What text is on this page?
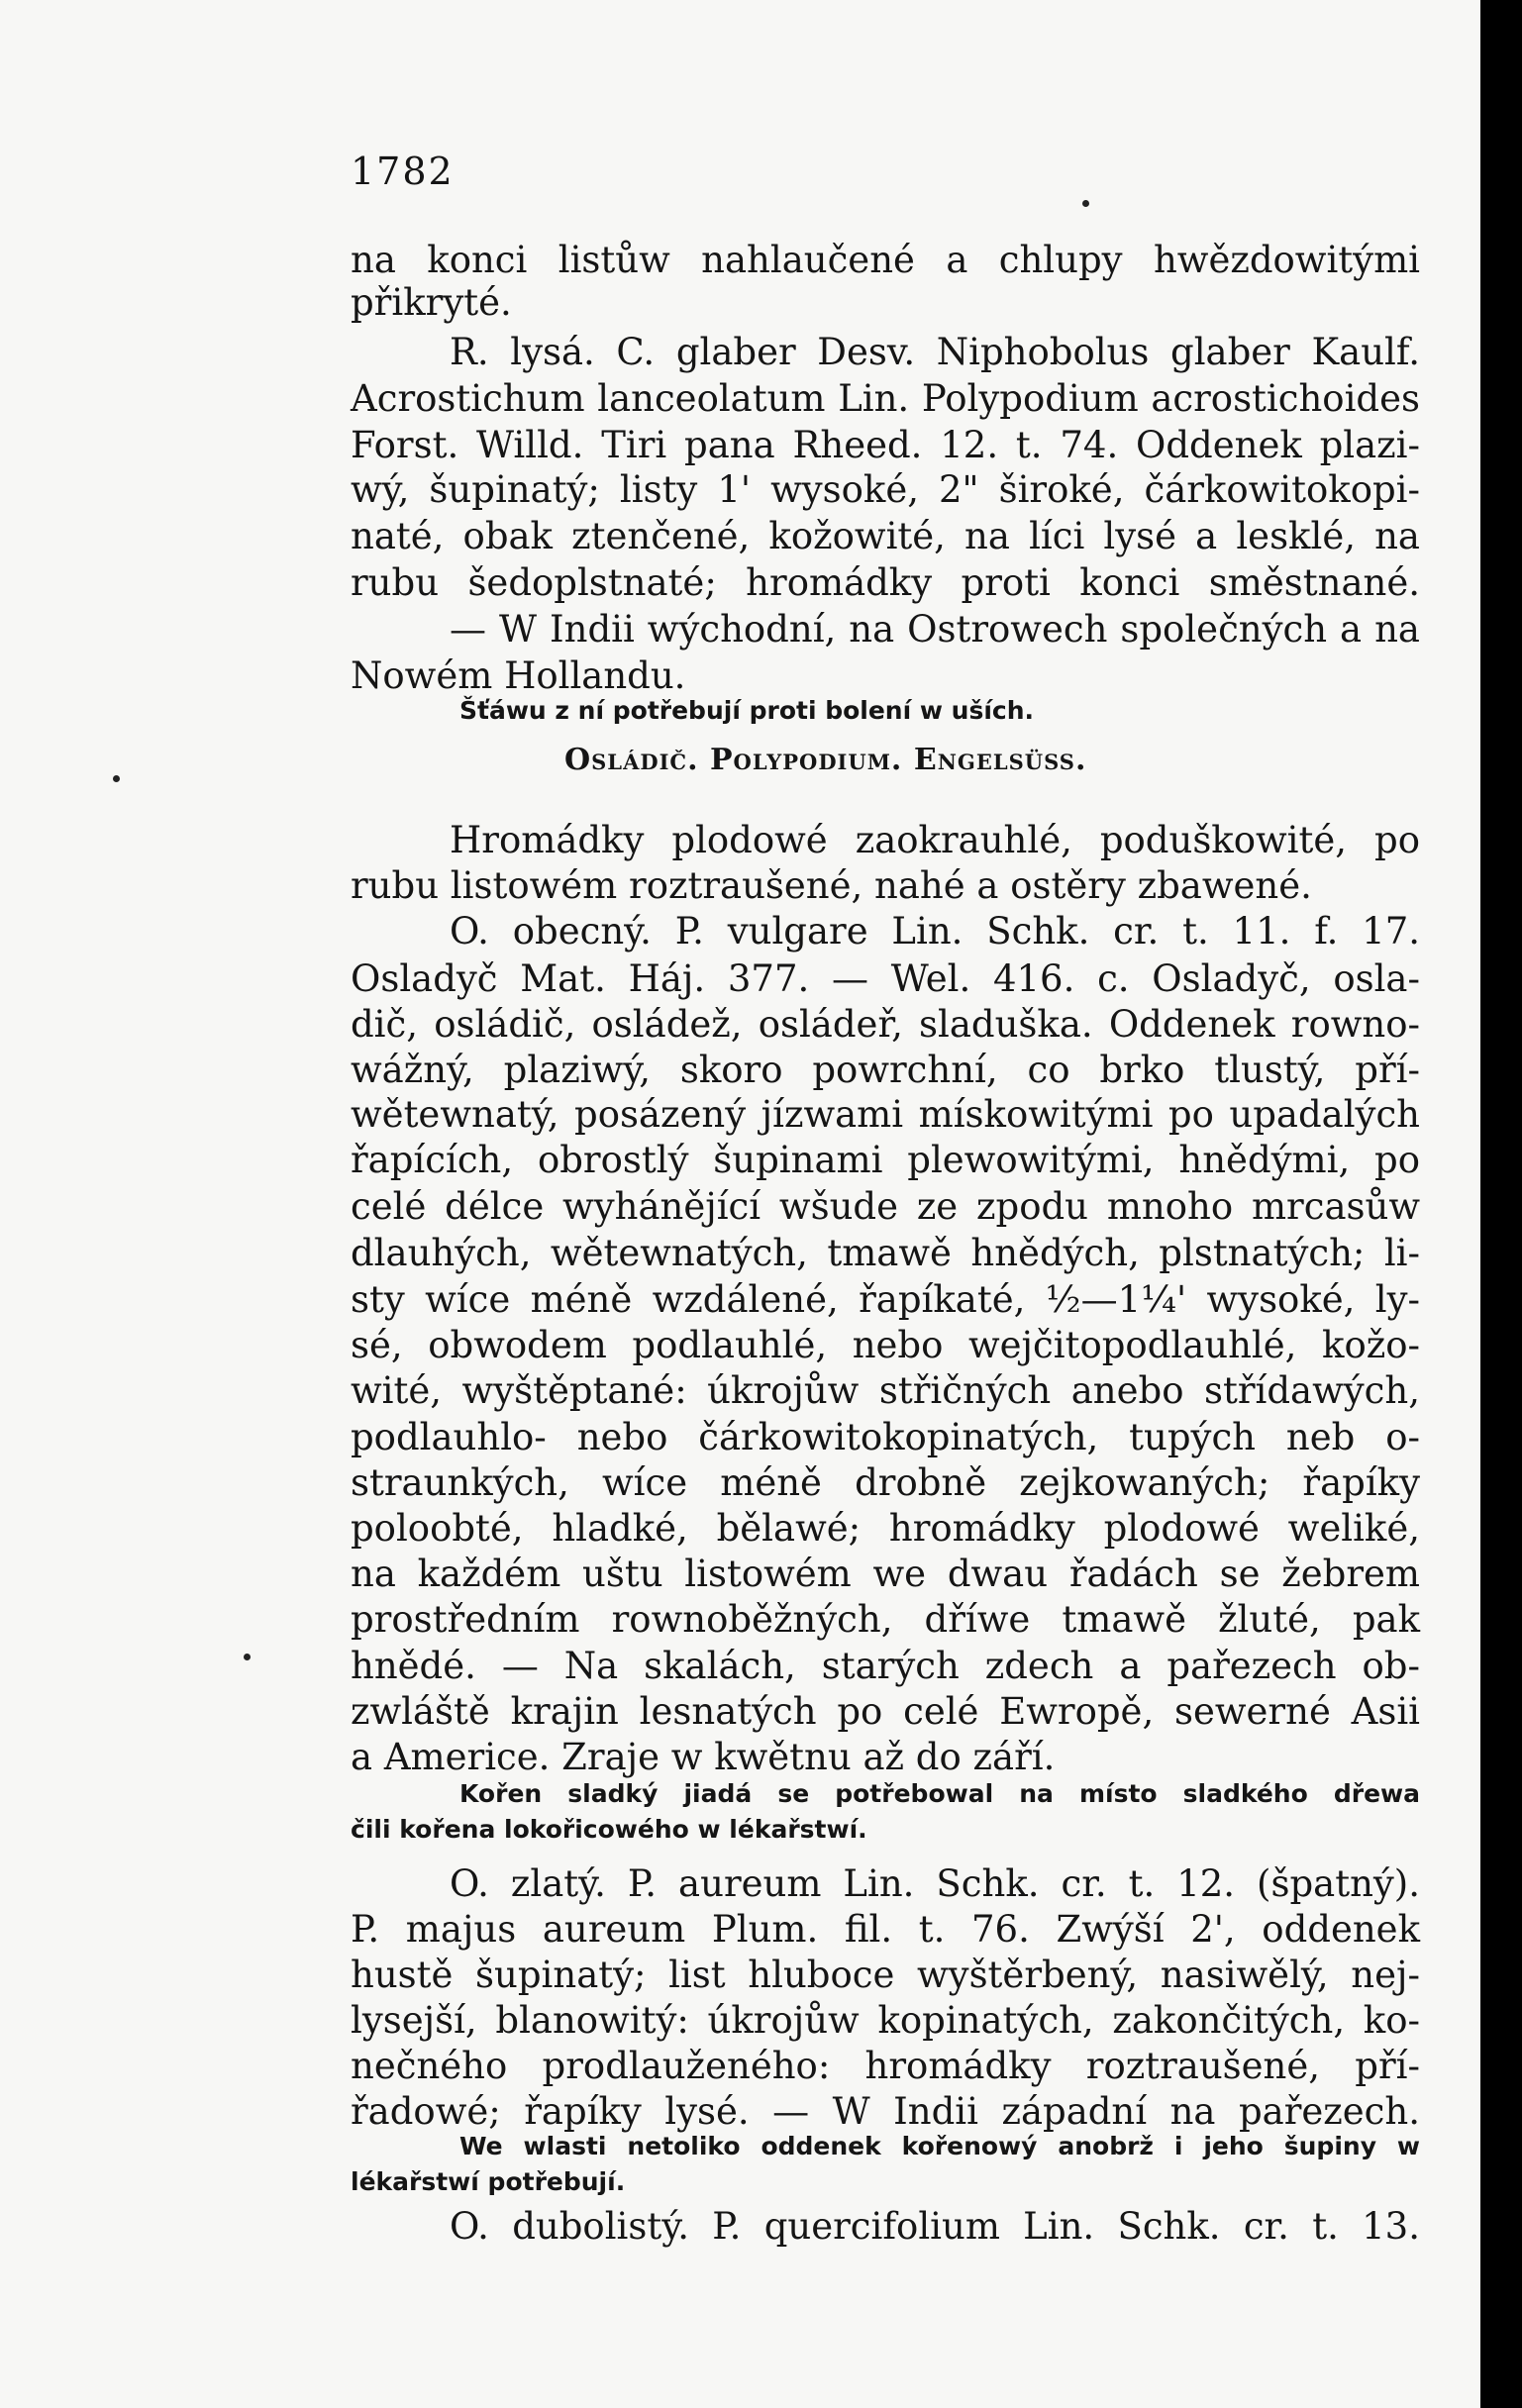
1782
na konci listůw nahlaučené a chlupy hwězdowitými
přikryté.
R. lysá. C. glaber Desv. Niphobolus glaber Kaulf.
Acrostichum lanceolatum Lin. Polypodium acrostichoides
Forst. Willd. Tiri pana Rheed. 12. t. 74. Oddenek plazi-
wý, šupinatý; listy 1' wysoké, 2" široké, čárkowitokopi-
naté, obak ztenčené, kožowité, na líci lysé a lesklé, na
rubu šedoplstnaté; hromádky proti konci směstnané.
— W Indii wýchodní, na Ostrowech společných a na
Nowém Hollandu.
Šťáwu z ní potřebují proti bolení w uších.
Hromádky plodowé zaokrauhlé, poduškowité, po
rubu listowém roztraušené, nahé a ostěry zbawené.
O. obecný. P. vulgare Lin. Schk. cr. t. 11. f. 17.
Osladyč Mat. Háj. 377. — Wel. 416. c. Osladyč, osla-
dič, osládič, osládež, osládeř, sladuška. Oddenek rowno-
wážný, plaziwý, skoro powrchní, co brko tlustý, pří-
wětewnatý, posázený jízwami mískowitými po upadalých
řapících, obrostlý šupinami plewowitými, hnědými, po
celé délce wyhánějící wšude ze zpodu mnoho mrcasůw
dlauhých, wětewnatých, tmawě hnědých, plstnatých; li-
sty wíce méně wzdálené, řapíkaté, ½—1¼' wysoké, ly-
sé, obwodem podlauhlé, nebo wejčitopodlauhlé, kožo-
wité, wyštěptané: úkrojůw střičných anebo střídawých,
podlauhlo- nebo čárkowitokopinatých, tupých neb o-
straunkých, wíce méně drobně zejkowaných; řapíky
poloobté, hladké, bělawé; hromádky plodowé weliké,
na každém uštu listowém we dwau řadách se žebrem
prostředním rownoběžných, dříwe tmawě žluté, pak
hnědé. — Na skalách, starých zdech a pařezech ob-
zwláště krajin lesnatých po celé Ewropě, sewerné Asii
a Americe. Zraje w kwětnu až do září.
Kořen sladký jiadá se potřebowal na místo sladkého dřewa
čili kořena lokořicowého w lékařstwí.
O. zlatý. P. aureum Lin. Schk. cr. t. 12. (špatný).
P. majus aureum Plum. fil. t. 76. Zwýší 2', oddenek
hustě šupinatý; list hluboce wyštěrbený, nasiwělý, nej-
lysejší, blanowitý: úkrojůw kopinatých, zakončitých, ko-
nečného prodlauženého: hromádky roztraušené, pří-
řadowé; řapíky lysé. — W Indii západní na pařezech.
We wlasti netoliko oddenek kořenowý anobrž i jeho šupiny w
lékařstwí potřebují.
O. dubolistý. P. quercifolium Lin. Schk. cr. t. 13.
Osládič. Polypodium. Engelsüss.
